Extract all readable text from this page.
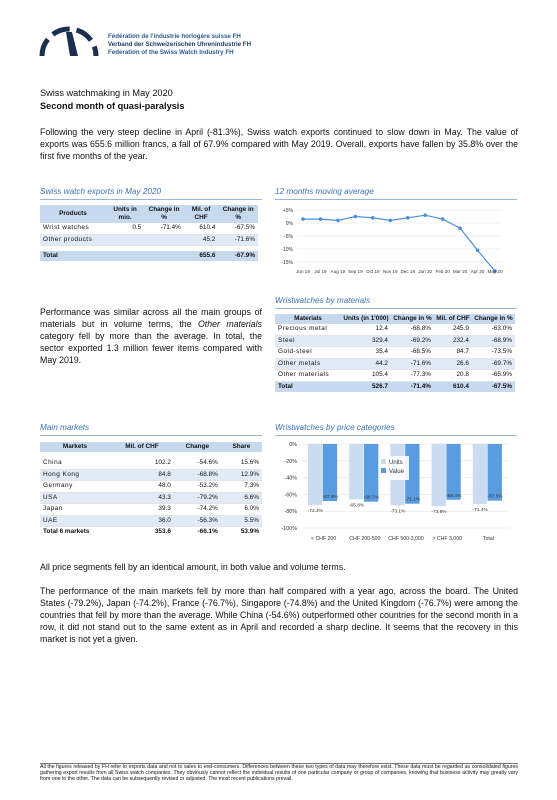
Fédération de l'industrie horlogère suisse FH
Verband der Schweizerischen Uhrenindustrie FH
Federation of the Swiss Watch Industry FH
Swiss watchmaking in May 2020
Second month of quasi-paralysis
Following the very steep decline in April (-81.3%), Swiss watch exports continued to slow down in May. The value of exports was 655.6 million francs, a fall of 67.9% compared with May 2019. Overall, exports have fallen by 35.8% over the first five months of the year.
Swiss watch exports in May 2020
Products	Units in mio.	Change in %	Mil. of CHF	Change in %
Wrist watches	0.5	-71.4%	610.4	-67.5%
Other products			45.2	-71.6%

Total			655.6	-67.9%
12 months moving average
+5%
0%
-5%
-10%
-15%
Jun 19 Jul 19 Aug 19 Sep 19 Oct 19 Nov 19 Dec 19 Jan 20 Feb 20 Mar 20 Apr 20 May 20
Performance was similar across all the main groups of materials but in volume terms, the Other materials category fell by more than the average. In total, the sector exported 1.3 million fewer items compared with May 2019.
Wristwatches by materials
Materials	Units (in 1'000)	Change in %	Mil. of CHF	Change in %
Precious metal	12.4	-68.8%	245.9	-63.0%
Steel	329.4	-69.2%	232.4	-68.9%
Gold-steel	35.4	-68.5%	84.7	-73.5%
Other metals	44.2	-71.6%	26.6	-69.7%
Other materials	105.4	-77.3%	20.8	-65.9%
Total	526.7	-71.4%	610.4	-67.5%
Main markets
Markets	Mil. of CHF	Change	Share

China	102.2	-54.6%	15.6%
Hong Kong	84.8	-68.8%	12.9%
Germany	48.0	-53.2%	7.3%
USA	43.3	-79.2%	6.6%
Japan	39.3	-74.2%	6.0%
UAE	36.0	-56.3%	5.5%
Total 6 markets	353.6	-66.1%	53.9%
Wristwatches by price categories
0%
-20%
-40%
-60%
-80%
-100%
-72.4%
-67.9%
< CHF 200
-65.8%
-68.7%
CHF 200-500
-73.1%
-71.1%
CHF 500-3,000
-73.9%
-66.4%
> CHF 3,000
-71.4%
-67.5%
Total
Units
Value
All price segments fell by an identical amount, in both value and volume terms.
The performance of the main markets fell by more than half compared with a year ago, across the board. The United States (-79.2%), Japan (-74.2%), France (-76.7%), Singapore (-74.8%) and the United Kingdom (-76.7%) were among the countries that fell by more than the average. While China (-54.6%) outperformed other countries for the second month in a row, it did not stand out to the same extent as in April and recorded a sharp decline. It seems that the recovery in this market is not yet a given.
All the figures released by FH refer to exports data and not to sales to end-consumers. Differences between these two types of data may therefore exist. These data must be regarded as consolidated figures gathering export results from all Swiss watch companies. They obviously cannot reflect the individual results of one particular company or group of companies, knowing that business activity may greatly vary from one to the other. The data can be subsequently revised or adjusted. The most recent publications prevail.
